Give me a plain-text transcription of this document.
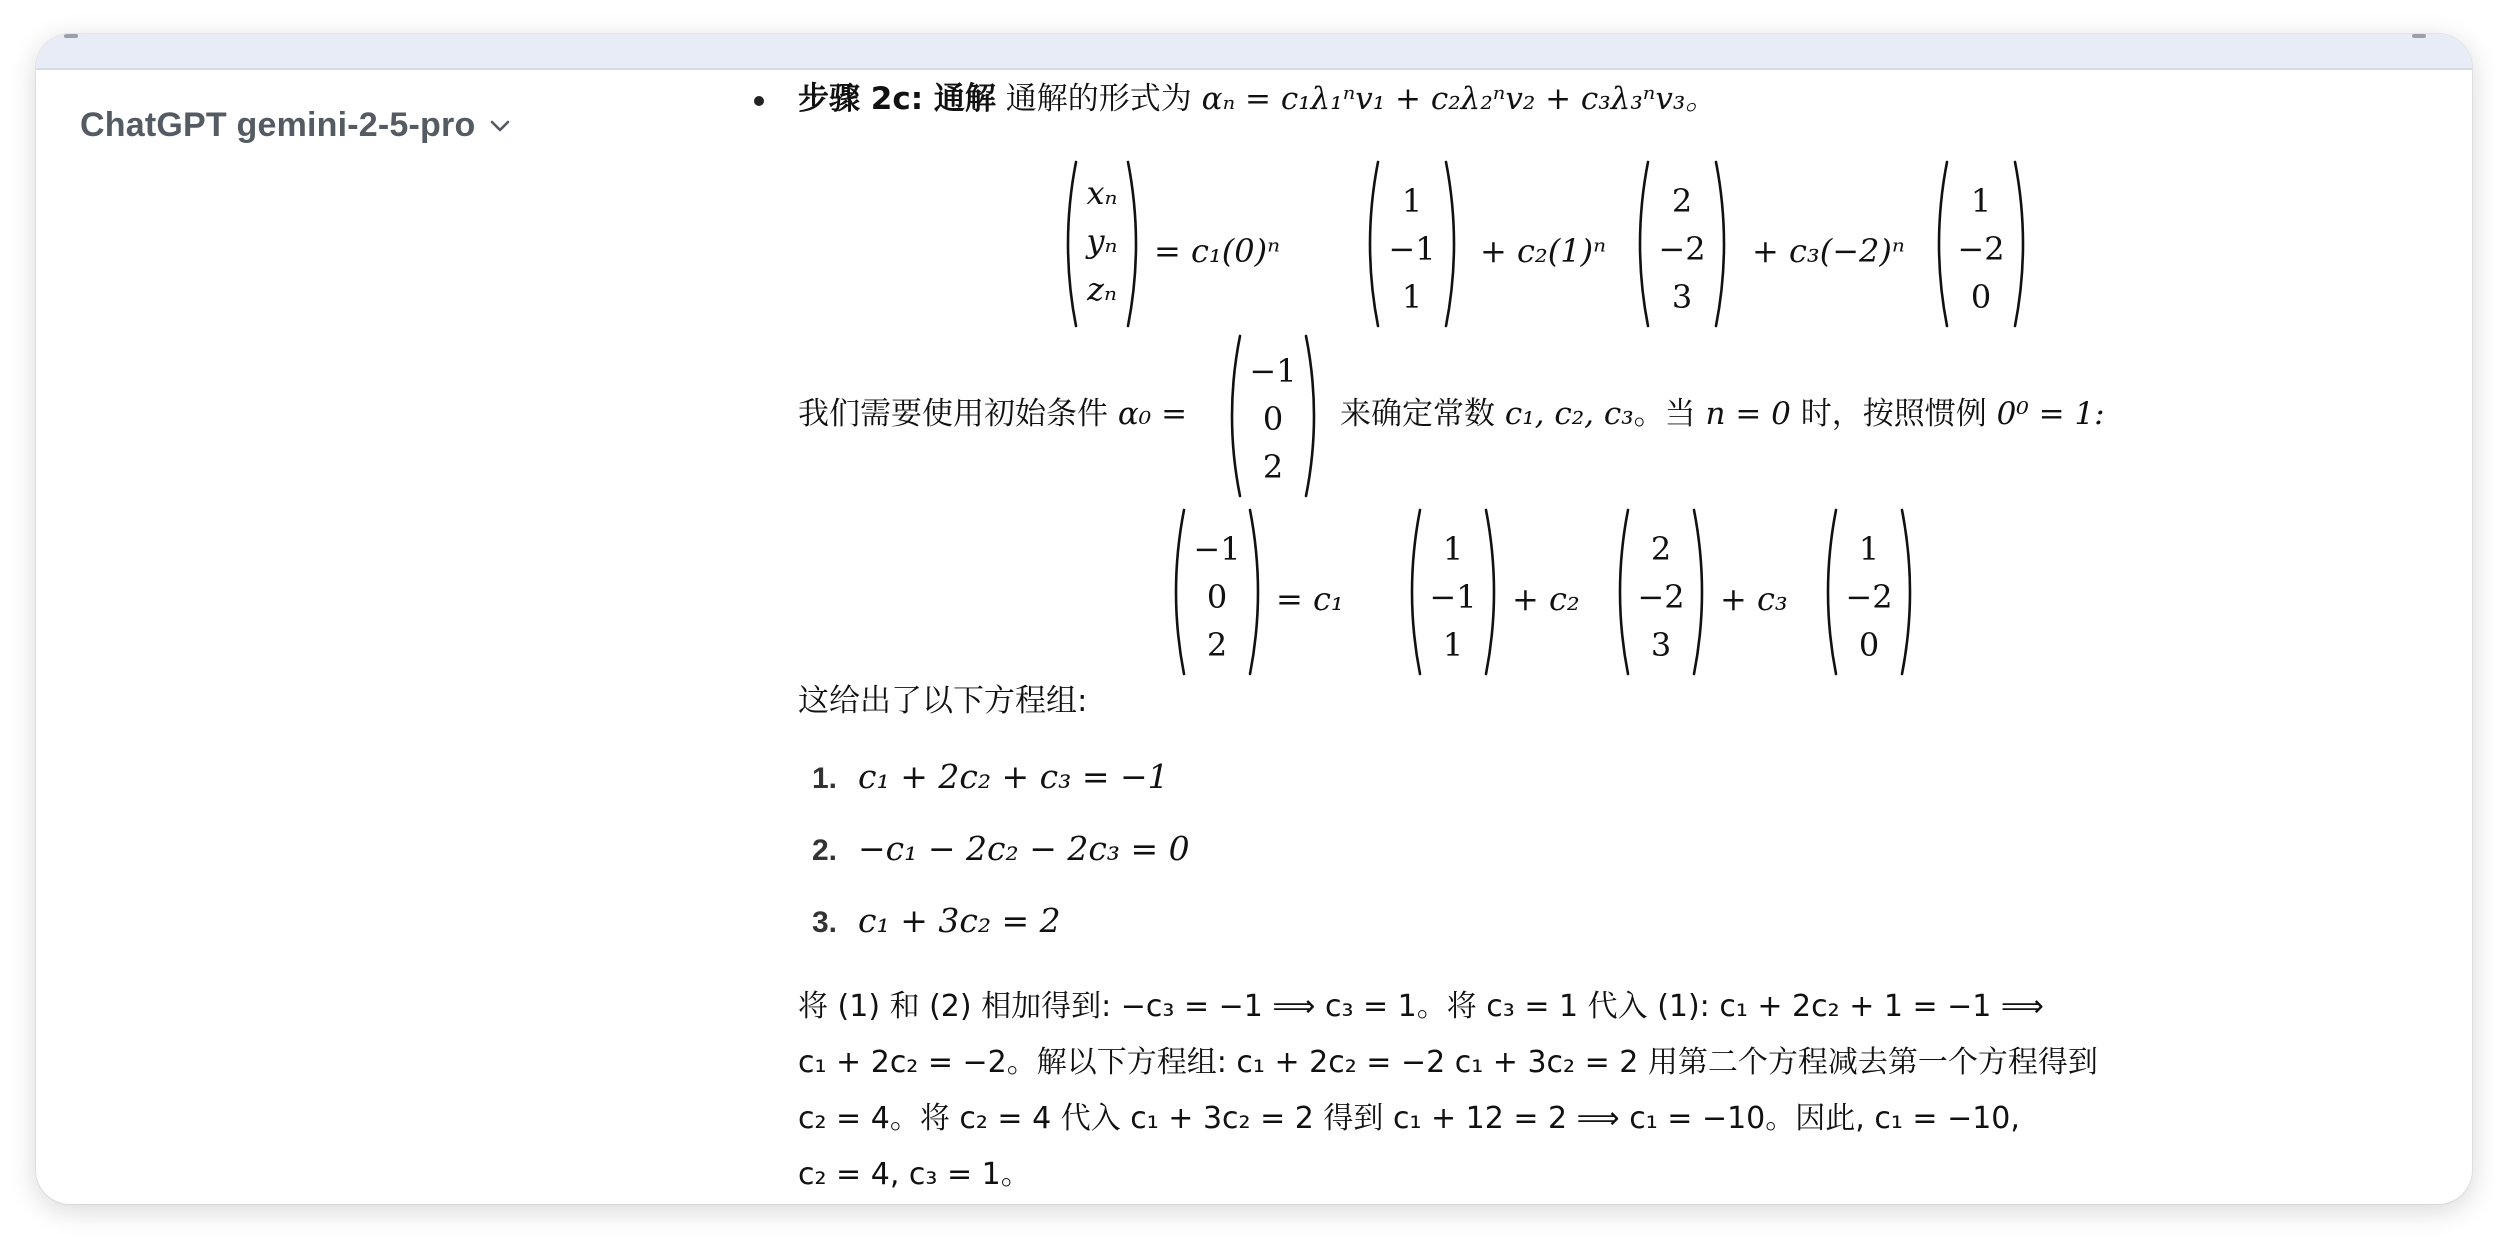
ChatGPT gemini-2-5-pro
步骤 2c: 通解 通解的形式为 αₙ = c₁λ₁ⁿv₁ + c₂λ₂ⁿv₂ + c₃λ₃ⁿv₃。
xₙ
yₙ
zₙ
= c₁(0)ⁿ
1
−1
1
+ c₂(1)ⁿ
2
−2
3
+ c₃(−2)ⁿ
1
−2
0
我们需要使用初始条件 α₀ =
−1
0
2
来确定常数 c₁, c₂, c₃。当 n = 0 时，按照惯例 0⁰ = 1:
−1
0
2
= c₁
1
−1
1
+ c₂
2
−2
3
+ c₃
1
−2
0
这给出了以下方程组:
1. c₁ + 2c₂ + c₃ = −1
2. −c₁ − 2c₂ − 2c₃ = 0
3. c₁ + 3c₂ = 2
将 (1) 和 (2) 相加得到: −c₃ = −1 ⟹ c₃ = 1。将 c₃ = 1 代入 (1): c₁ + 2c₂ + 1 = −1 ⟹
c₁ + 2c₂ = −2。解以下方程组: c₁ + 2c₂ = −2 c₁ + 3c₂ = 2 用第二个方程减去第一个方程得到
c₂ = 4。将 c₂ = 4 代入 c₁ + 3c₂ = 2 得到 c₁ + 12 = 2 ⟹ c₁ = −10。因此, c₁ = −10,
c₂ = 4, c₃ = 1。
